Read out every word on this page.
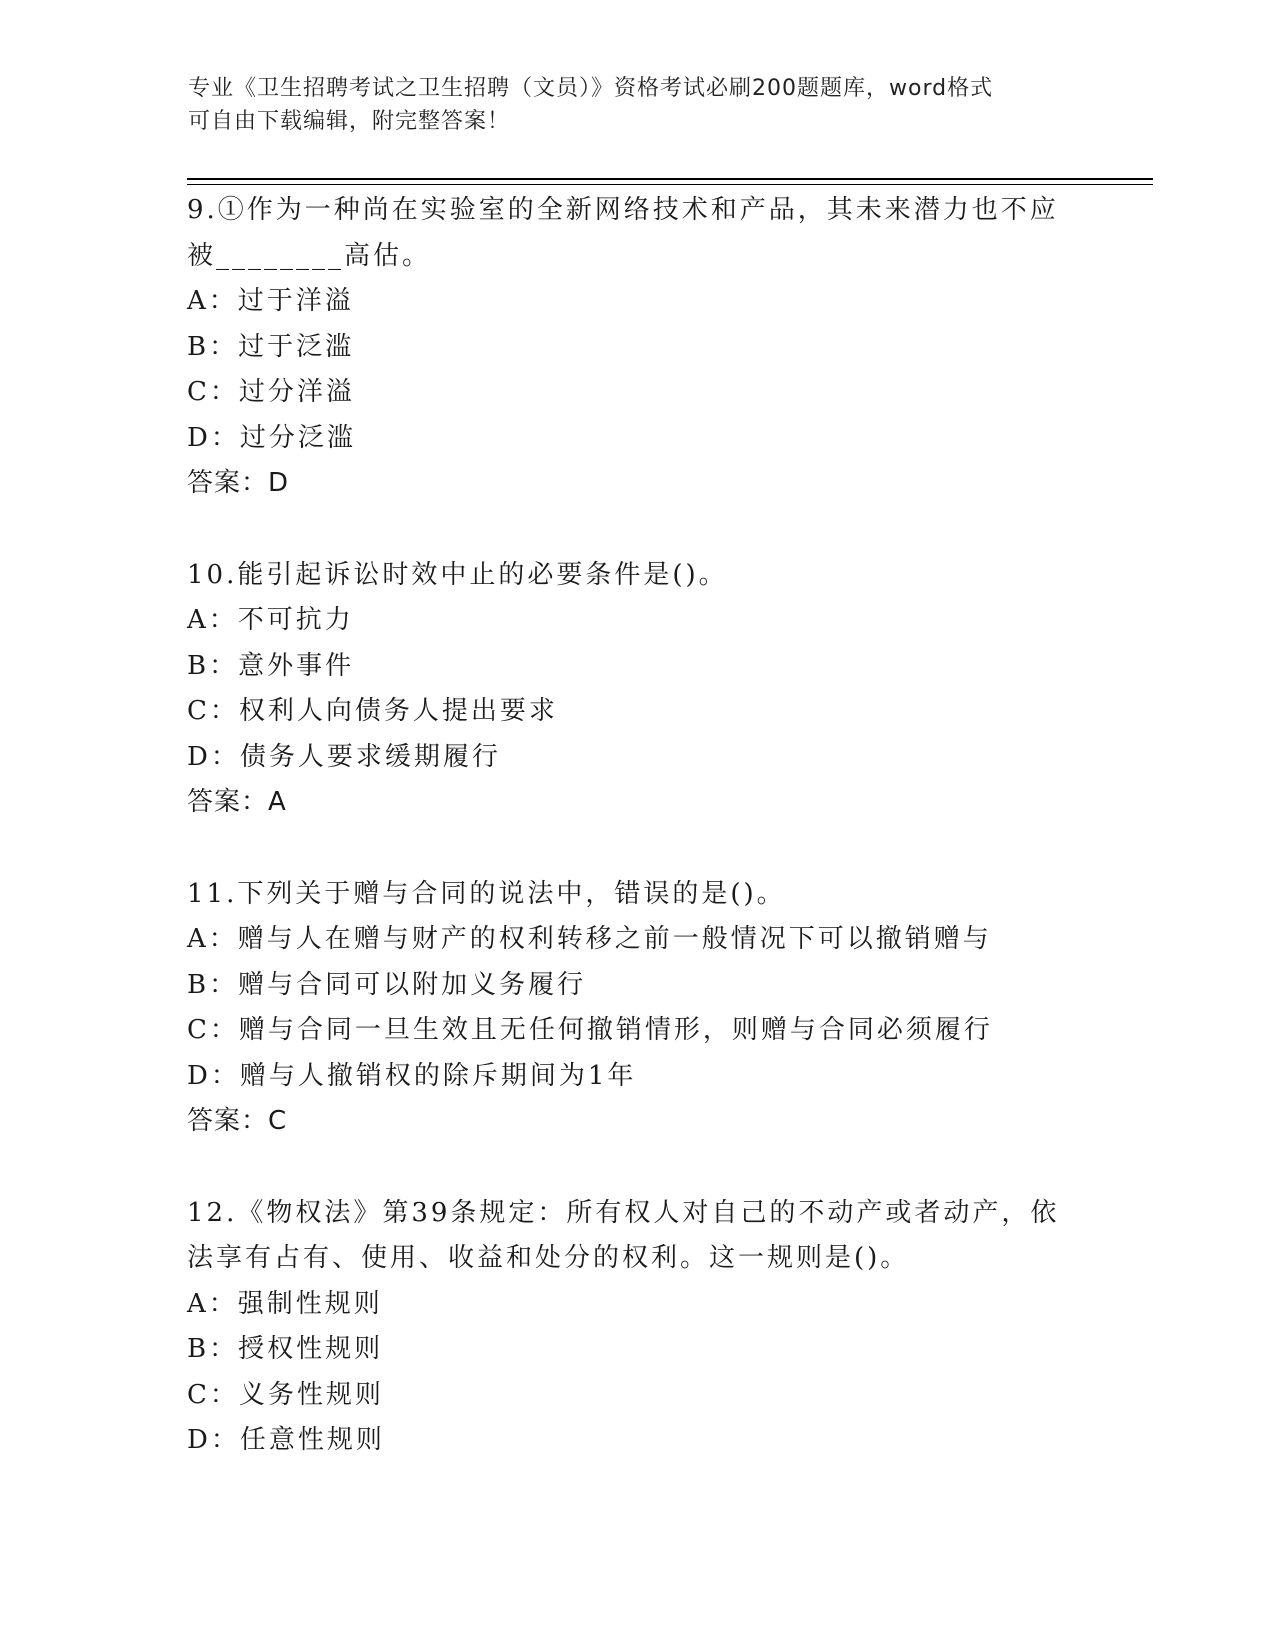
专业《卫生招聘考试之卫生招聘（文员）》资格考试必刷200题题库，word格式
可自由下载编辑，附完整答案！
9.①作为一种尚在实验室的全新网络技术和产品，其未来潜力也不应
被________高估。
A：过于洋溢
B：过于泛滥
C：过分洋溢
D：过分泛滥
答案：D
10.能引起诉讼时效中止的必要条件是()。
A：不可抗力
B：意外事件
C：权利人向债务人提出要求
D：债务人要求缓期履行
答案：A
11.下列关于赠与合同的说法中，错误的是()。
A：赠与人在赠与财产的权利转移之前一般情况下可以撤销赠与
B：赠与合同可以附加义务履行
C：赠与合同一旦生效且无任何撤销情形，则赠与合同必须履行
D：赠与人撤销权的除斥期间为1年
答案：C
12.《物权法》第39条规定：所有权人对自己的不动产或者动产，依
法享有占有、使用、收益和处分的权利。这一规则是()。
A：强制性规则
B：授权性规则
C：义务性规则
D：任意性规则
